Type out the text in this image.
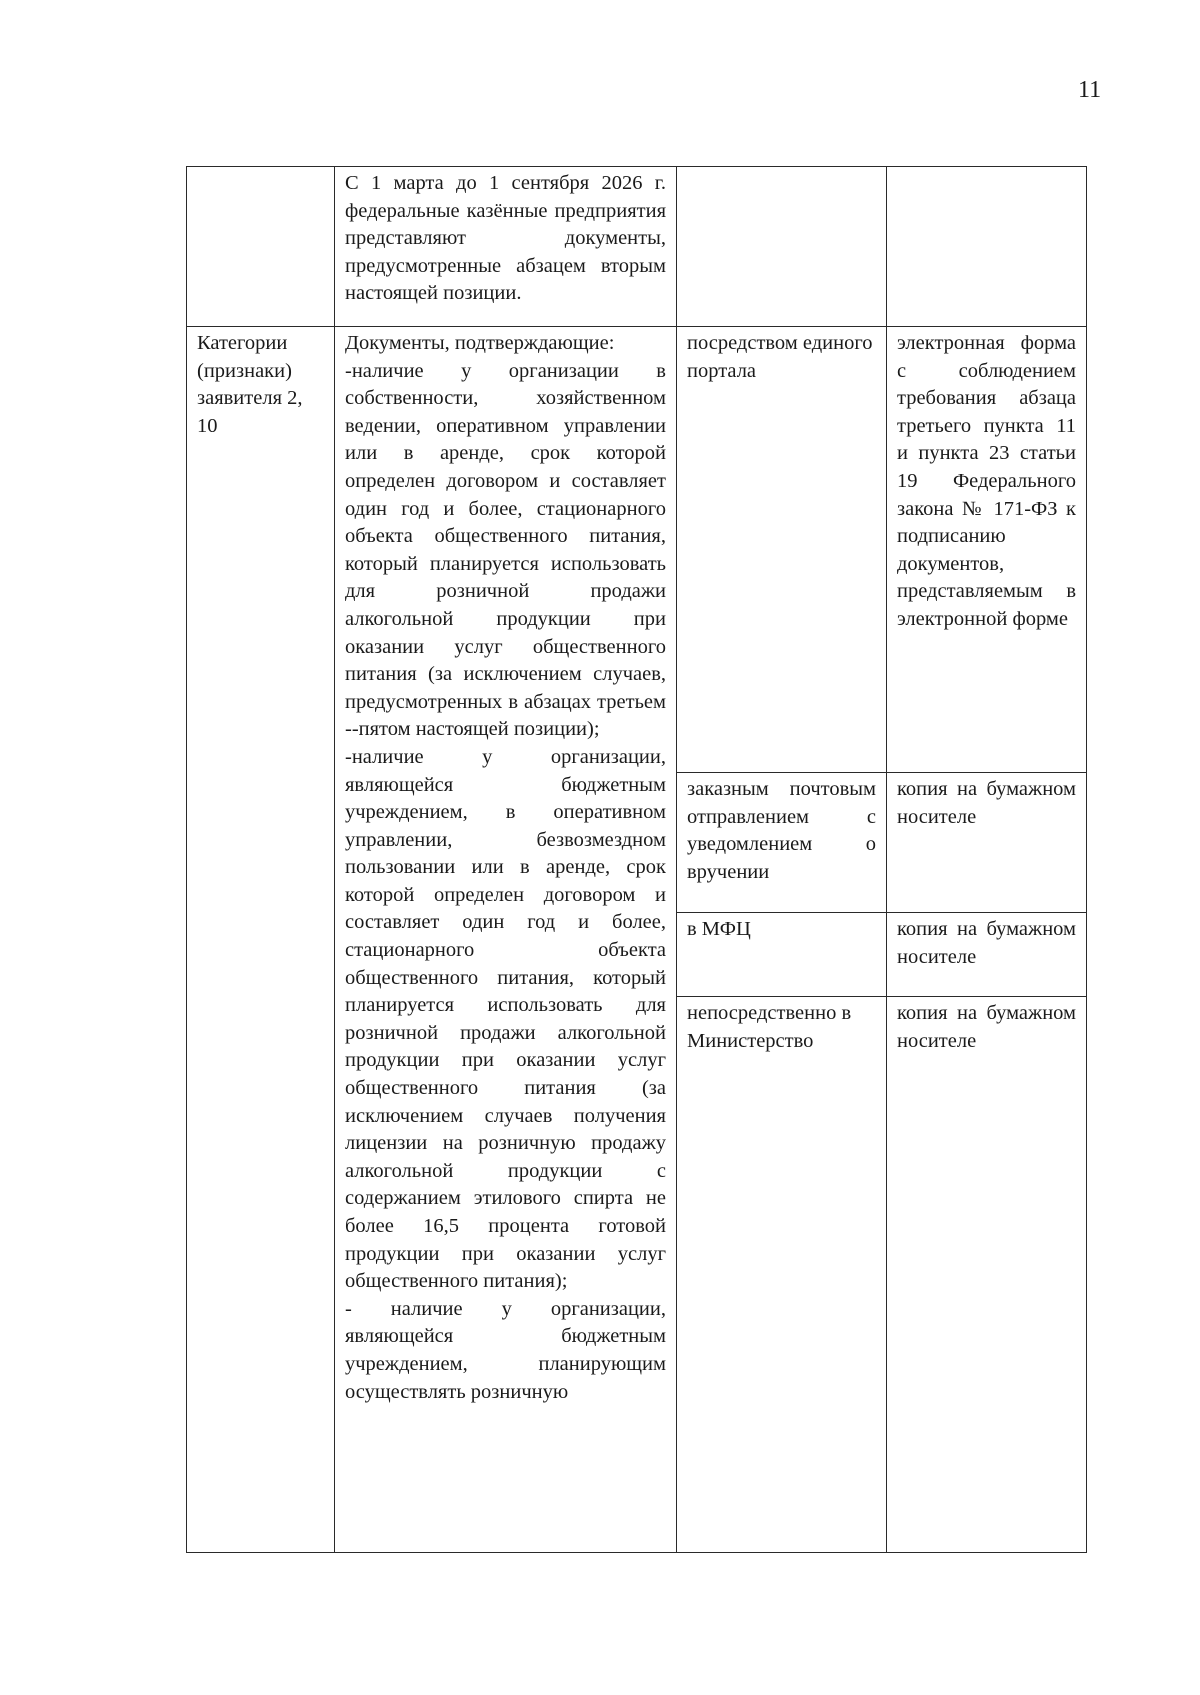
11
	С 1 марта до 1 сентября 2026 г. федеральные казённые предприятия представляют документы, предусмотренные абзацем вторым настоящей позиции.		
Категории (признаки) заявителя 2, 10	Документы, подтверждающие:
-наличие у организации в собственности, хозяйственном ведении, оперативном управлении или в аренде, срок которой определен договором и составляет один год и более, стационарного объекта общественного питания, который планируется использовать для розничной продажи алкогольной продукции при оказании услуг общественного питания (за исключением случаев, предусмотренных в абзацах третьем --пятом настоящей позиции);
-наличие у организации, являющейся бюджетным учреждением, в оперативном управлении, безвозмездном пользовании или в аренде, срок которой определен договором и составляет один год и более, стационарного объекта общественного питания, который планируется использовать для розничной продажи алкогольной продукции при оказании услуг общественного питания (за исключением случаев получения лицензии на розничную продажу алкогольной продукции с содержанием этилового спирта не более 16,5 процента готовой продукции при оказании услуг общественного питания);
- наличие у организации, являющейся бюджетным учреждением, планирующим осуществлять розничную	посредством единого портала	электронная форма с соблюдением требования абзаца третьего пункта 11 и пункта 23 статьи 19 Федерального закона № 171-ФЗ к подписанию документов, представляемым в электронной форме
		заказным почтовым отправлением с уведомлением о вручении	копия на бумажном носителе
		в МФЦ	копия на бумажном носителе
		непосредственно в Министерство	копия на бумажном носителе
